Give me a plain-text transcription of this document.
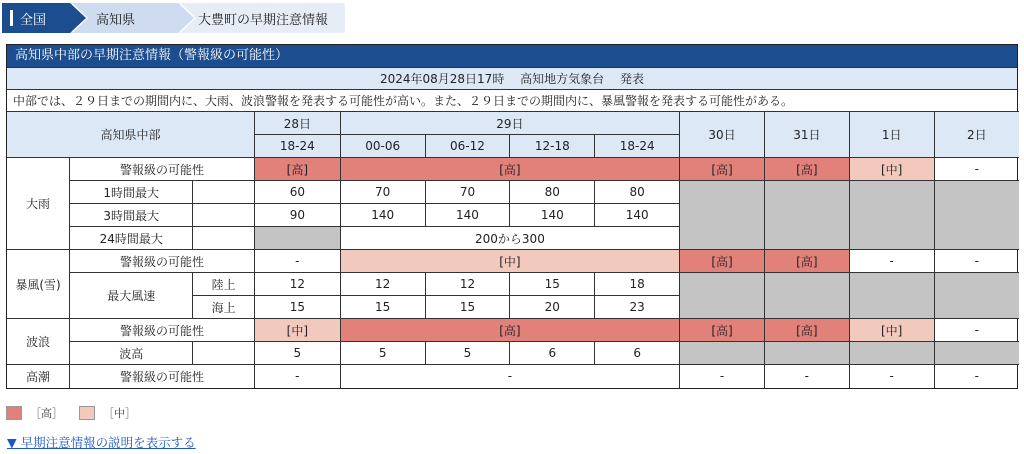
全国	高知県	大豊町の早期注意情報
高知県中部の早期注意情報（警報級の可能性）
2024年08月28日17時 高知地方気象台 発表
中部では、２９日までの期間内に、大雨、波浪警報を発表する可能性が高い。また、２９日までの期間内に、暴風警報を発表する可能性がある。
高知県中部			28日	29日				30日	31日	1日	2日
			18-24	00-06	06-12	12-18	18-24				
大雨	警報級の可能性		[高]	[高]				[高]	[高]	[中]	-
	1時間最大		60	70	70	80	80				
	3時間最大		90	140	140	140	140				
	24時間最大			200から300							
暴風(雪)	警報級の可能性		-	[中]				[高]	[高]	-	-
	最大風速	陸上	12	12	12	15	18				
		海上	15	15	15	20	23				
波浪	警報級の可能性		[中]	[高]				[高]	[高]	[中]	-
	波高		5	5	5	6	6				
高潮	警報級の可能性		-	-				-	-	-	-
［高］	［中］
▼ 早期注意情報の説明を表示する
